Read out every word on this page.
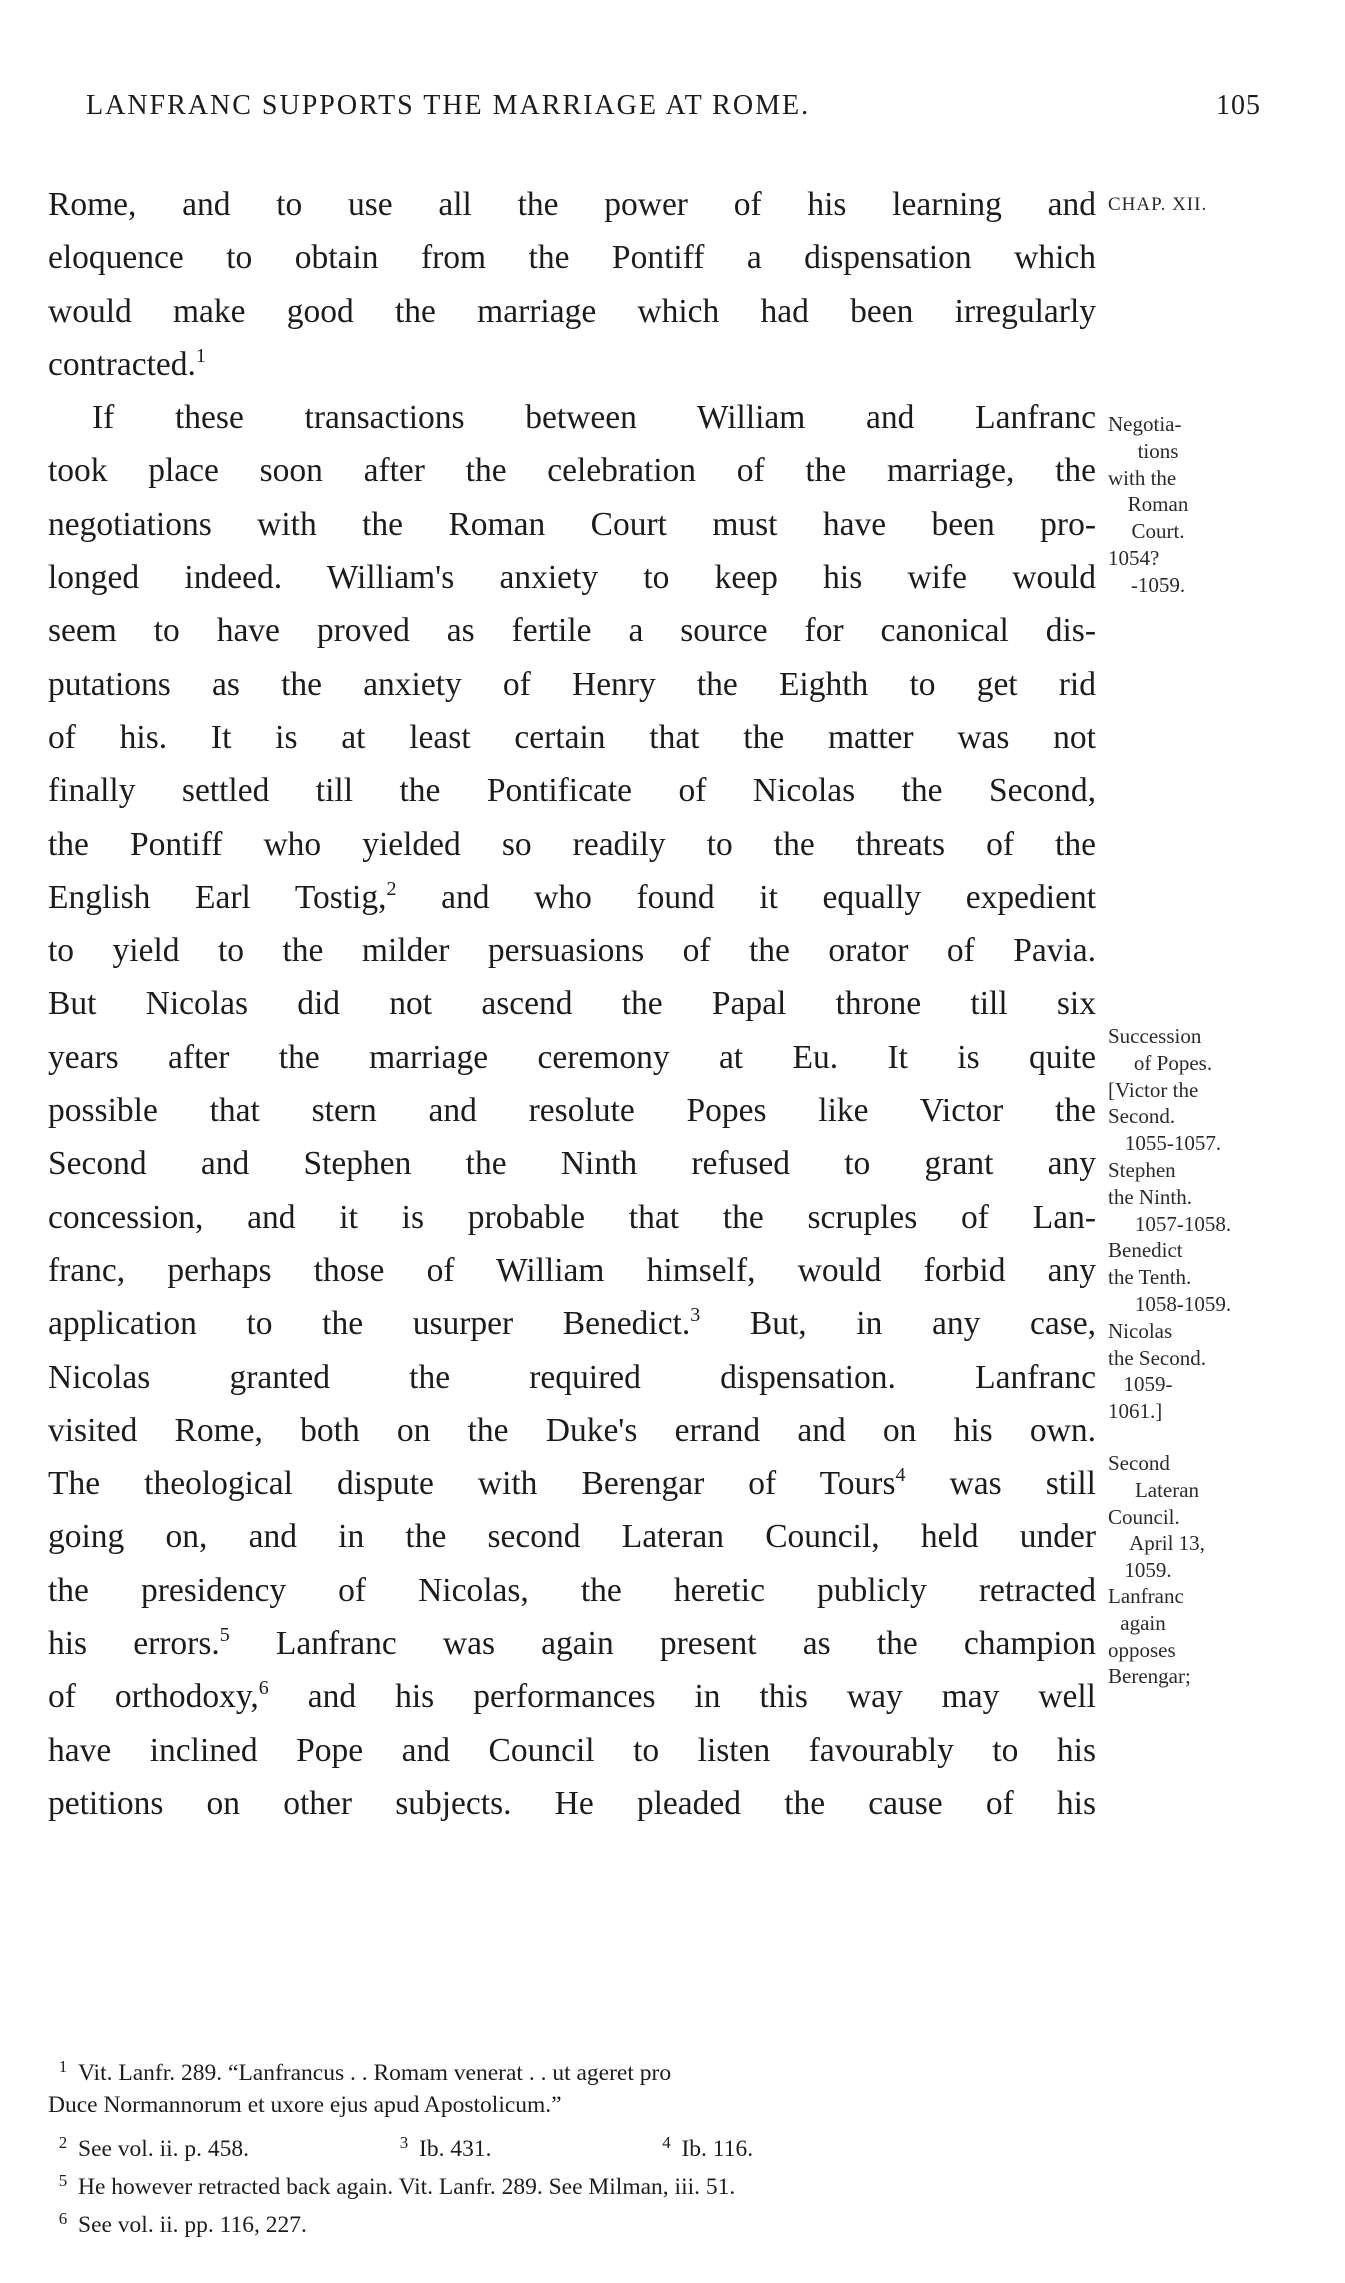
LANFRANC SUPPORTS THE MARRIAGE AT ROME.	105
Rome, and to use all the power of his learning and
eloquence to obtain from the Pontiff a dispensation which
would make good the marriage which had been irregularly
contracted.$^1$
If these transactions between William and Lanfranc
took place soon after the celebration of the marriage, the
negotiations with the Roman Court must have been pro-
longed indeed. William's anxiety to keep his wife would
seem to have proved as fertile a source for canonical dis-
putations as the anxiety of Henry the Eighth to get rid
of his. It is at least certain that the matter was not
finally settled till the Pontificate of Nicolas the Second,
the Pontiff who yielded so readily to the threats of the
English Earl Tostig,$^2$ and who found it equally expedient
to yield to the milder persuasions of the orator of Pavia.
But Nicolas did not ascend the Papal throne till six
years after the marriage ceremony at Eu. It is quite
possible that stern and resolute Popes like Victor the
Second and Stephen the Ninth refused to grant any
concession, and it is probable that the scruples of Lan-
franc, perhaps those of William himself, would forbid any
application to the usurper Benedict.$^3$ But, in any case,
Nicolas granted the required dispensation. Lanfranc
visited Rome, both on the Duke's errand and on his own.
The theological dispute with Berengar of Tours$^4$ was still
going on, and in the second Lateran Council, held under
the presidency of Nicolas, the heretic publicly retracted
his errors.$^5$ Lanfranc was again present as the champion
of orthodoxy,$^6$ and his performances in this way may well
have inclined Pope and Council to listen favourably to his
petitions on other subjects. He pleaded the cause of his
CHAP. XII.
Negotia-
tions
with the
Roman
Court.
1054?
-1059.
Succession
of Popes.
[Victor the
Second.
1055-1057.
Stephen
the Ninth.
1057-1058.
Benedict
the Tenth.
1058-1059.
Nicolas
the Second.
1059-
1061.]
Second
Lateran
Council.
April 13,
1059.
Lanfranc
again
opposes
Berengar;
1 Vit. Lanfr. 289. “Lanfrancus . . Romam venerat . . ut ageret pro
Duce Normannorum et uxore ejus apud Apostolicum.”
2 See vol. ii. p. 458.	3 Ib. 431.	4 Ib. 116.
5 He however retracted back again. Vit. Lanfr. 289. See Milman, iii. 51.
6 See vol. ii. pp. 116, 227.
